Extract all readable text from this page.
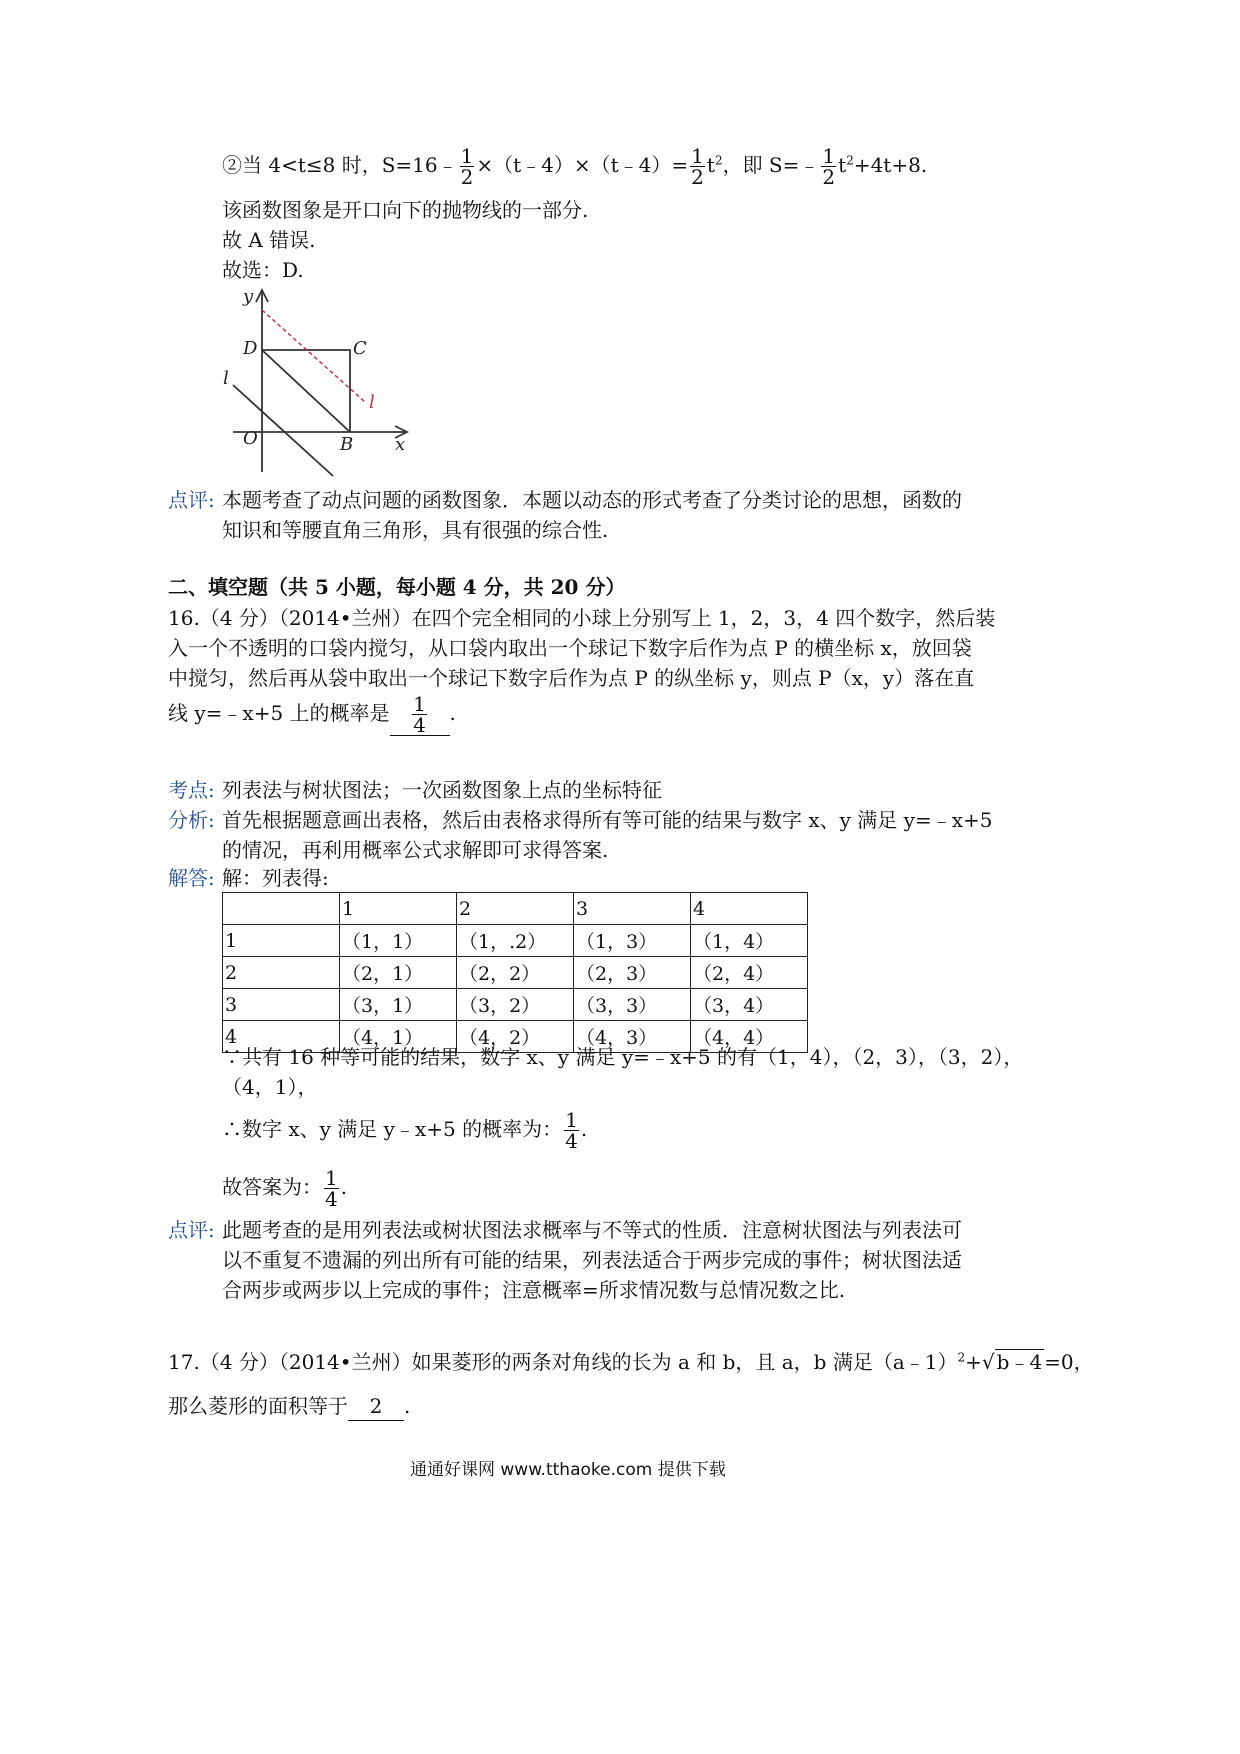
②当 4<t≤8 时，S=16﹣ $\frac{1}{2}$ ×（t﹣4）×（t﹣4）= $\frac{1}{2} t^2$，即 S=﹣ $\frac{1}{2} t^2+4t+8$.
该函数图象是开口向下的抛物线的一部分.
故 A 错误.
故选：D.
y
x
O	B
C
D
l
l
点评: 本题考查了动点问题的函数图象．本题以动态的形式考查了分类讨论的思想，函数的
知识和等腰直角三角形，具有很强的综合性.
二、填空题（共 5 小题，每小题 4 分，共 20 分）
16.（4 分）（2014•兰州）在四个完全相同的小球上分别写上 1，2，3，4 四个数字，然后装
入一个不透明的口袋内搅匀，从口袋内取出一个球记下数字后作为点 P 的横坐标 x，放回袋
中搅匀，然后再从袋中取出一个球记下数字后作为点 P 的纵坐标 y，则点 P（x，y）落在直
线 y=﹣x+5 上的概率是 $\frac{1}{4}$ .
考点: 列表法与树状图法；一次函数图象上点的坐标特征
分析: 首先根据题意画出表格，然后由表格求得所有等可能的结果与数字 x、y 满足 y=﹣x+5
的情况，再利用概率公式求解即可求得答案.
解答: 解：列表得:
	1	2	3	4
1	（1，1）	（1，.2）	（1，3）	（1，4）
2	（2，1）	（2，2）	（2，3）	（2，4）
3	（3，1）	（3，2）	（3，3）	（3，4）
4	（4，1）	（4，2）	（4，3）	（4，4）
∵共有 16 种等可能的结果，数字 x、y 满足 y=﹣x+5 的有（1，4），（2，3），（3，2），
（4，1），
∴数字 x、y 满足 y﹣x+5 的概率为： $\frac{1}{4}$ .
故答案为： $\frac{1}{4}$ .
点评: 此题考查的是用列表法或树状图法求概率与不等式的性质．注意树状图法与列表法可
以不重复不遗漏的列出所有可能的结果，列表法适合于两步完成的事件；树状图法适
合两步或两步以上完成的事件；注意概率=所求情况数与总情况数之比.
17.（4 分）（2014•兰州）如果菱形的两条对角线的长为 a 和 b，且 a，b 满足（a﹣1）$^2$+√ b﹣4 =0，
那么菱形的面积等于 2 .
通通好课网 www.tthaoke.com 提供下载
